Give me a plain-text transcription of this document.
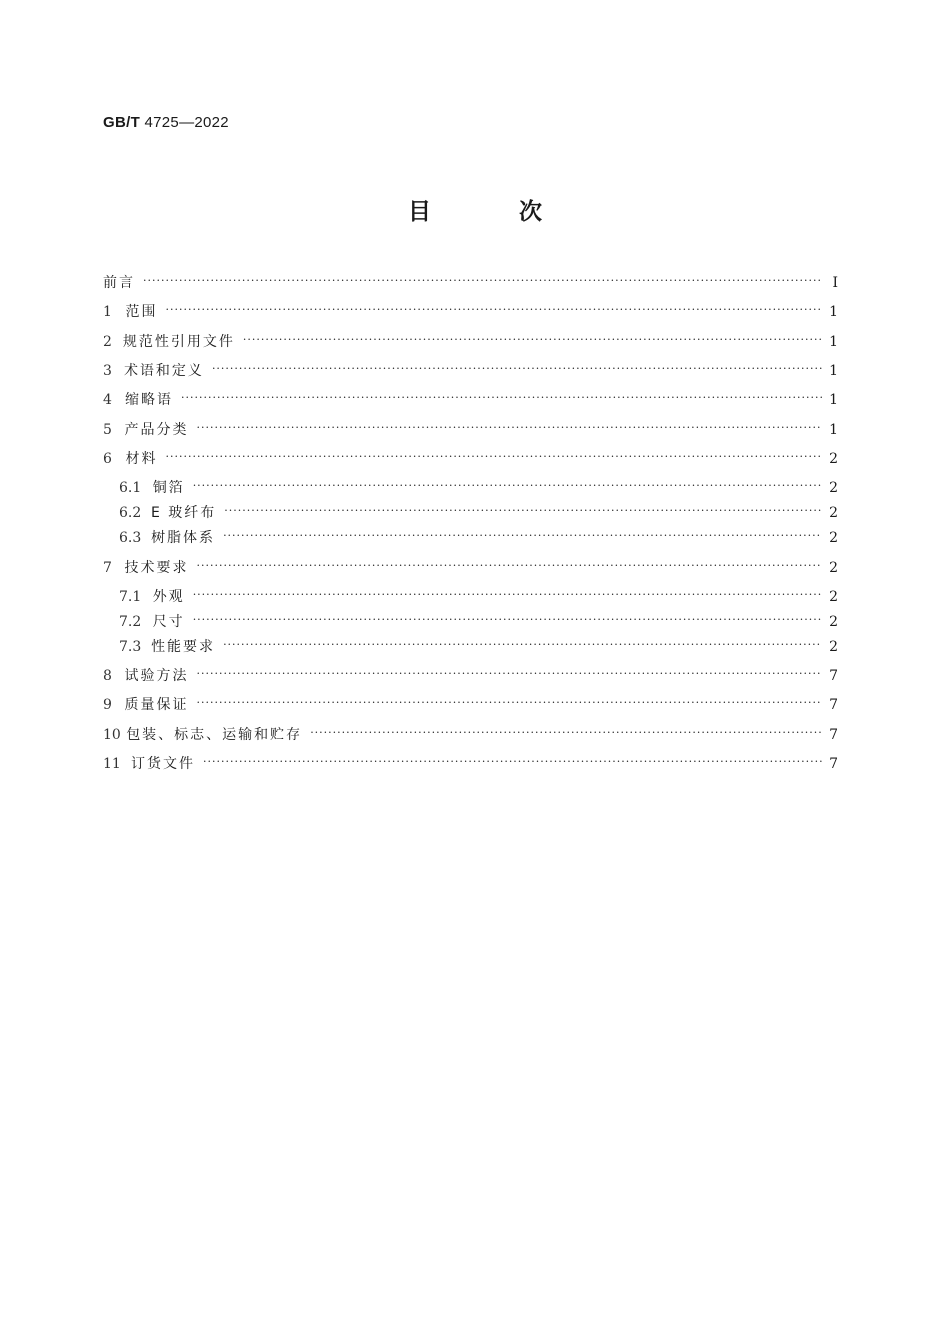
GB/T 4725—2022
目 次
前言 ·····	Ⅰ
1 范围 ·····	1
2 规范性引用文件 ·····	1
3 术语和定义 ·····	1
4 缩略语 ·····	1
5 产品分类 ·····	1
6 材料 ·····	2
6.1 铜箔 ·····	2
6.2 E 玻纤布 ·····	2
6.3 树脂体系 ·····	2
7 技术要求 ·····	2
7.1 外观 ·····	2
7.2 尺寸 ·····	2
7.3 性能要求 ·····	2
8 试验方法 ·····	7
9 质量保证 ·····	7
10 包装、标志、运输和贮存 ·····	7
11 订货文件 ·····	7
